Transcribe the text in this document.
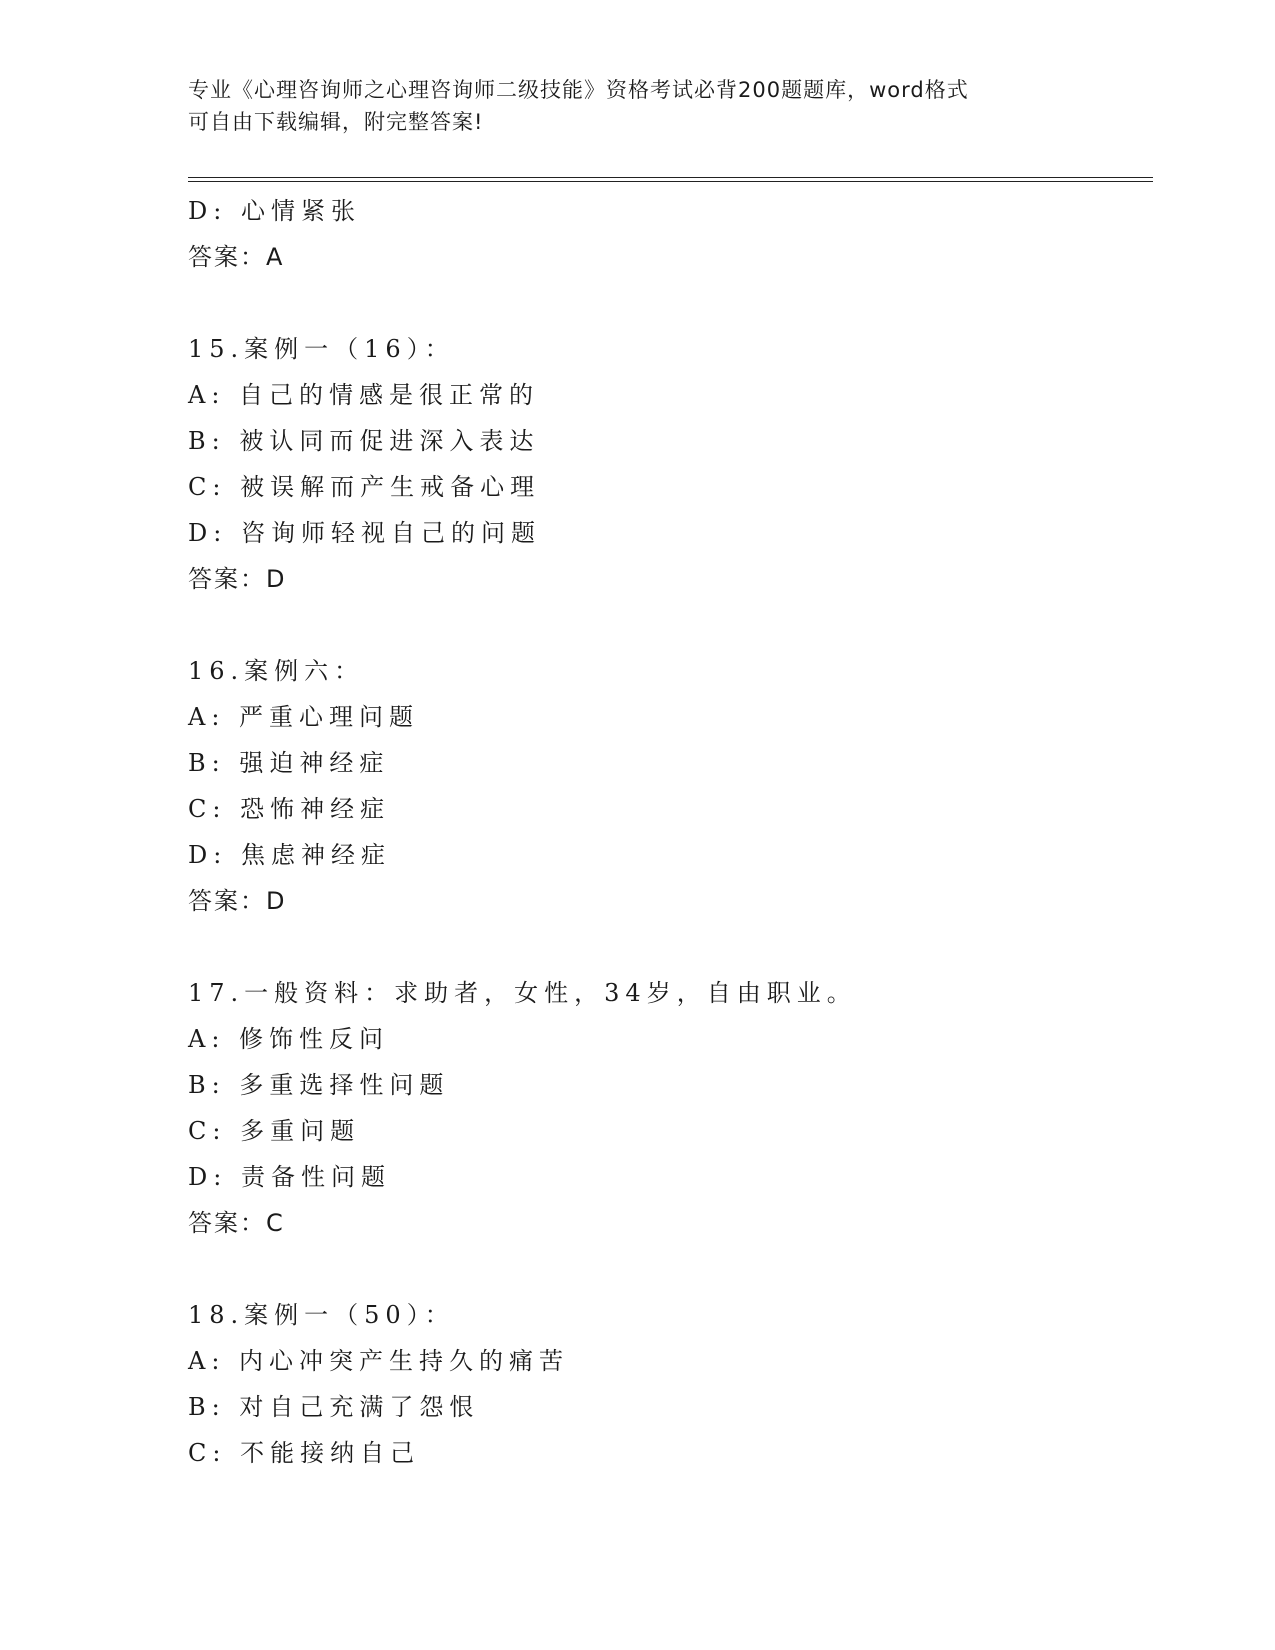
专业《心理咨询师之心理咨询师二级技能》资格考试必背200题题库，word格式
可自由下载编辑，附完整答案!
D: 心情紧张
答案：A
15.案例一（16）：
A: 自己的情感是很正常的
B: 被认同而促进深入表达
C: 被误解而产生戒备心理
D: 咨询师轻视自己的问题
答案：D
16.案例六：
A: 严重心理问题
B: 强迫神经症
C: 恐怖神经症
D: 焦虑神经症
答案：D
17.一般资料：求助者，女性，34岁，自由职业。
A: 修饰性反问
B: 多重选择性问题
C: 多重问题
D: 责备性问题
答案：C
18.案例一（50）：
A: 内心冲突产生持久的痛苦
B: 对自己充满了怨恨
C: 不能接纳自己
